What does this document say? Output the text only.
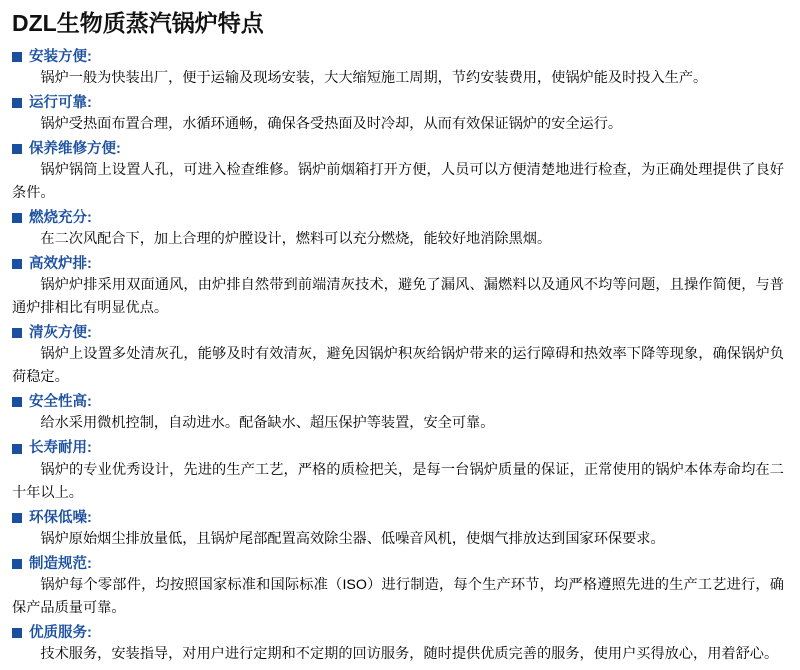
DZL生物质蒸汽锅炉特点
安装方便:

锅炉一般为快装出厂，便于运输及现场安装，大大缩短施工周期，节约安装费用，使锅炉能及时投入生产。

运行可靠:

锅炉受热面布置合理，水循环通畅，确保各受热面及时冷却，从而有效保证锅炉的安全运行。

保养维修方便:

锅炉锅筒上设置人孔，可进入检查维修。锅炉前烟箱打开方便，人员可以方便清楚地进行检查，为正确处理提供了良好条件。

燃烧充分:

在二次风配合下，加上合理的炉膛设计，燃料可以充分燃烧，能较好地消除黑烟。

高效炉排:

锅炉炉排采用双面通风，由炉排自然带到前端清灰技术，避免了漏风、漏燃料以及通风不均等问题，且操作简便，与普通炉排相比有明显优点。

清灰方便:

锅炉上设置多处清灰孔，能够及时有效清灰，避免因锅炉积灰给锅炉带来的运行障碍和热效率下降等现象，确保锅炉负荷稳定。

安全性高:

给水采用微机控制，自动进水。配备缺水、超压保护等装置，安全可靠。

长寿耐用:

锅炉的专业优秀设计，先进的生产工艺，严格的质检把关，是每一台锅炉质量的保证，正常使用的锅炉本体寿命均在二十年以上。

环保低噪:

锅炉原始烟尘排放量低，且锅炉尾部配置高效除尘器、低噪音风机，使烟气排放达到国家环保要求。

制造规范:

锅炉每个零部件，均按照国家标准和国际标准（ISO）进行制造，每个生产环节，均严格遵照先进的生产工艺进行，确保产品质量可靠。

优质服务:

技术服务，安装指导，对用户进行定期和不定期的回访服务，随时提供优质完善的服务，使用户买得放心，用着舒心。
